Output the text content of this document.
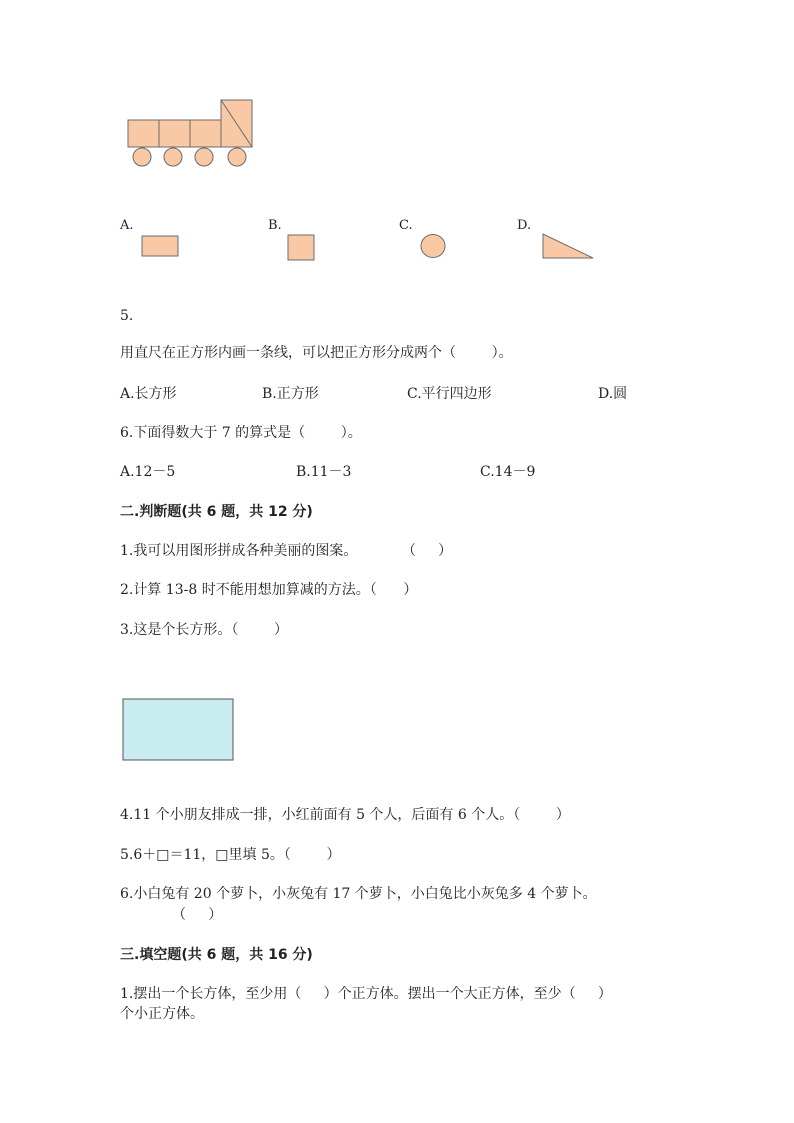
A.	B.	C.	D.
5.
用直尺在正方形内画一条线，可以把正方形分成两个（        ）。
A.长方形	B.正方形	C.平行四边形	D.圆
6.下面得数大于 7 的算式是（        ）。
A.12－5	B.11－3	C.14－9
二.判断题(共 6 题，共 12 分)
1.我可以用图形拼成各种美丽的图案。          （     ）
2.计算 13-8 时不能用想加算减的方法。（      ）
3.这是个长方形。（        ）
4.11 个小朋友排成一排，小红前面有 5 个人，后面有 6 个人。（        ）
5.6＋□＝11，□里填 5。（        ）
6.小白兔有 20 个萝卜，小灰兔有 17 个萝卜，小白兔比小灰兔多 4 个萝卜。
（     ）
三.填空题(共 6 题，共 16 分)
1.摆出一个长方体，至少用（     ）个正方体。摆出一个大正方体，至少（     ）
个小正方体。
